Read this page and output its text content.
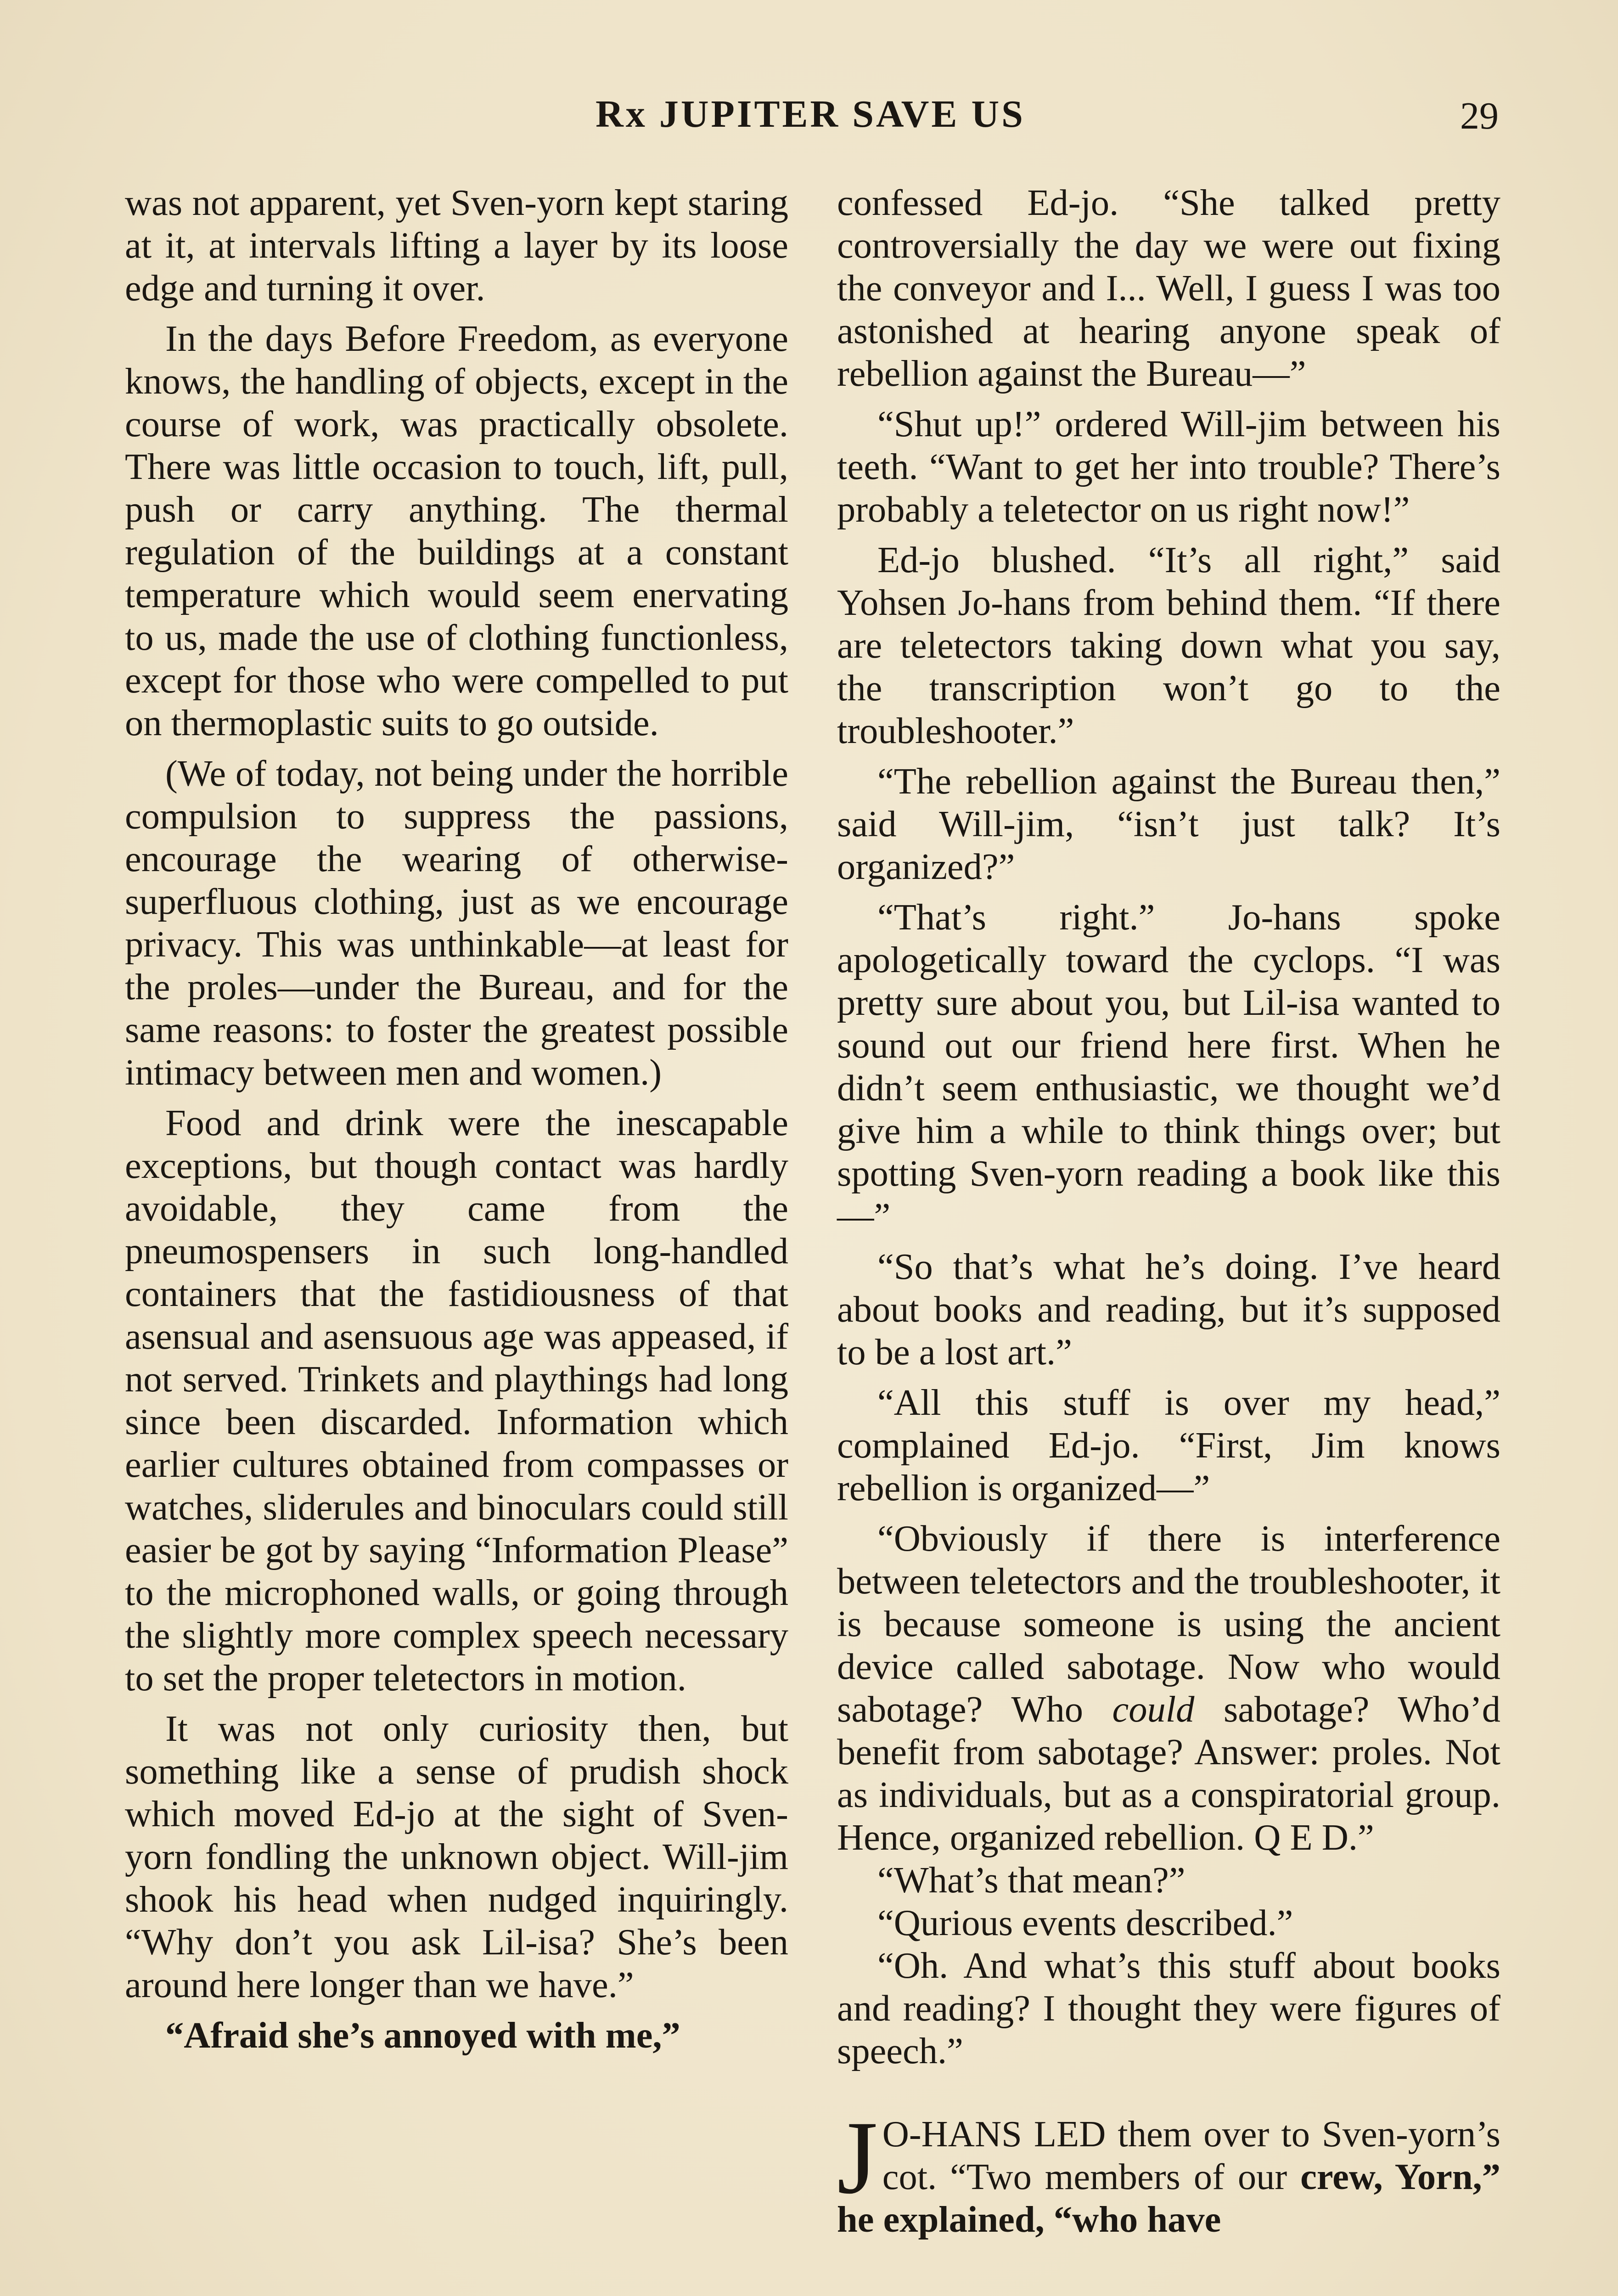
Rx JUPITER SAVE US	29

was not apparent, yet Sven-yorn kept staring at it, at intervals lifting a layer by its loose edge and turning it over.

In the days Before Freedom, as everyone knows, the handling of objects, except in the course of work, was practically obsolete. There was little occasion to touch, lift, pull, push or carry anything. The thermal regulation of the buildings at a constant temperature which would seem enervating to us, made the use of clothing functionless, except for those who were compelled to put on thermoplastic suits to go outside.

(We of today, not being under the horrible compulsion to suppress the passions, encourage the wearing of otherwise-superfluous clothing, just as we encourage privacy. This was unthinkable—at least for the proles—under the Bureau, and for the same reasons: to foster the greatest possible intimacy between men and women.)

Food and drink were the inescapable exceptions, but though contact was hardly avoidable, they came from the pneumospensers in such long-handled containers that the fastidiousness of that asensual and asensuous age was appeased, if not served. Trinkets and playthings had long since been discarded. Information which earlier cultures obtained from compasses or watches, sliderules and binoculars could still easier be got by saying “Information Please” to the microphoned walls, or going through the slightly more complex speech necessary to set the proper teletectors in motion.

It was not only curiosity then, but something like a sense of prudish shock which moved Ed-jo at the sight of Sven-yorn fondling the unknown object. Will-jim shook his head when nudged inquiringly. “Why don’t you ask Lil-isa? She’s been around here longer than we have.”

“Afraid she’s annoyed with me,”

confessed Ed-jo. “She talked pretty controversially the day we were out fixing the conveyor and I... Well, I guess I was too astonished at hearing anyone speak of rebellion against the Bureau—”

“Shut up!” ordered Will-jim between his teeth. “Want to get her into trouble? There’s probably a teletector on us right now!”

Ed-jo blushed. “It’s all right,” said Yohsen Jo-hans from behind them. “If there are teletectors taking down what you say, the transcription won’t go to the troubleshooter.”

“The rebellion against the Bureau then,” said Will-jim, “isn’t just talk? It’s organized?”

“That’s right.” Jo-hans spoke apologetically toward the cyclops. “I was pretty sure about you, but Lil-isa wanted to sound out our friend here first. When he didn’t seem enthusiastic, we thought we’d give him a while to think things over; but spotting Sven-yorn reading a book like this—”

“So that’s what he’s doing. I’ve heard about books and reading, but it’s supposed to be a lost art.”

“All this stuff is over my head,” complained Ed-jo. “First, Jim knows rebellion is organized—”

“Obviously if there is interference between teletectors and the troubleshooter, it is because someone is using the ancient device called sabotage. Now who would sabotage? Who could sabotage? Who’d benefit from sabotage? Answer: proles. Not as individuals, but as a conspiratorial group. Hence, organized rebellion. Q E D.”

“What’s that mean?”

“Qurious events described.”

“Oh. And what’s this stuff about books and reading? I thought they were figures of speech.”

J O-HANS LED them over to Sven-yorn’s cot. “Two members of our crew, Yorn,” he explained, “who have
